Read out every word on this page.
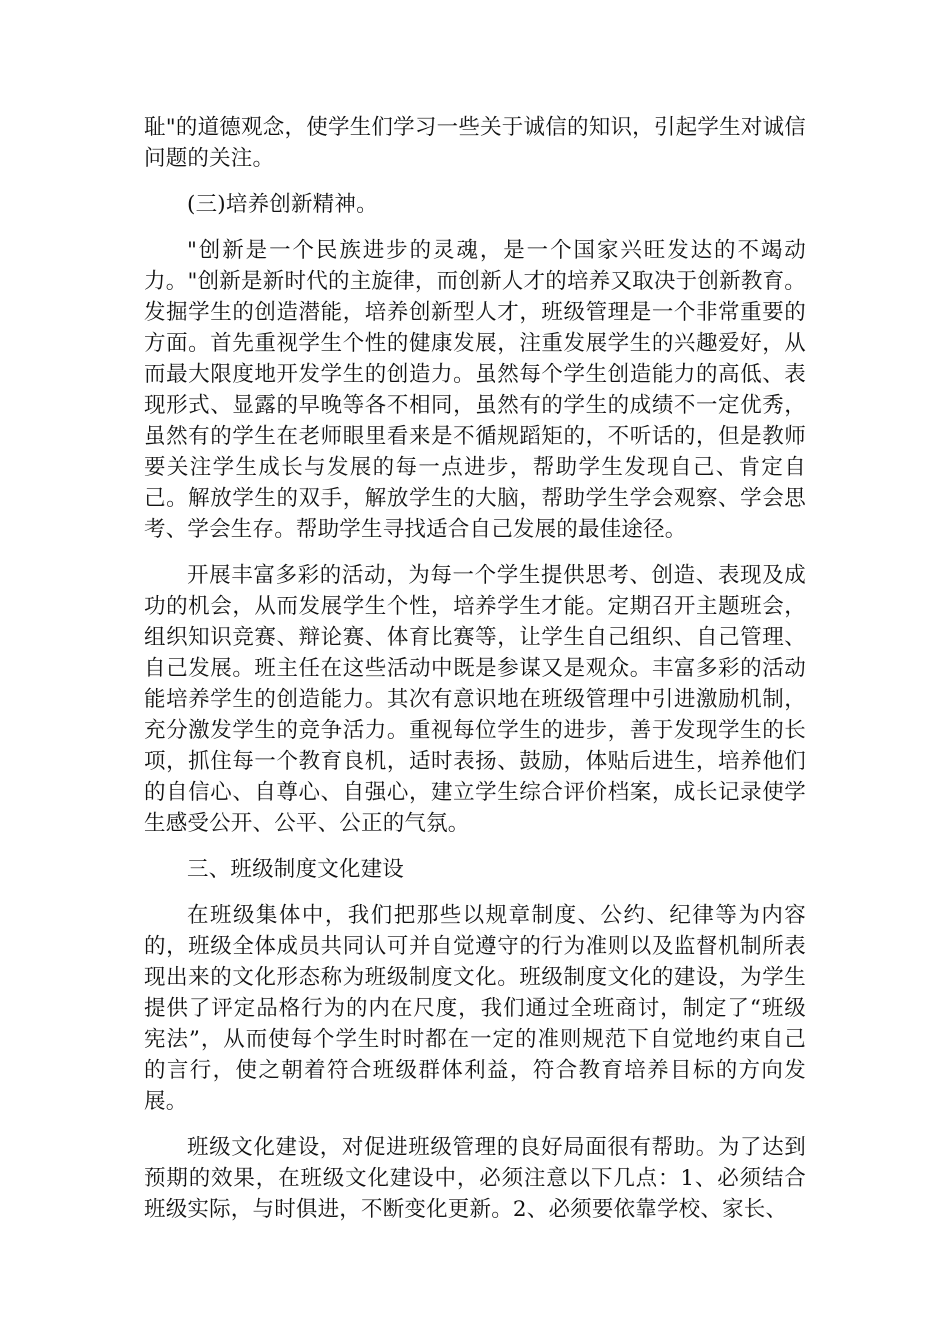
耻"的道德观念，使学生们学习一些关于诚信的知识，引起学生对诚信问题的关注。

(三)培养创新精神。

"创新是一个民族进步的灵魂，是一个国家兴旺发达的不竭动力。"创新是新时代的主旋律，而创新人才的培养又取决于创新教育。发掘学生的创造潜能，培养创新型人才，班级管理是一个非常重要的方面。首先重视学生个性的健康发展，注重发展学生的兴趣爱好，从而最大限度地开发学生的创造力。虽然每个学生创造能力的高低、表现形式、显露的早晚等各不相同，虽然有的学生的成绩不一定优秀，虽然有的学生在老师眼里看来是不循规蹈矩的，不听话的，但是教师要关注学生成长与发展的每一点进步，帮助学生发现自己、肯定自己。解放学生的双手，解放学生的大脑，帮助学生学会观察、学会思考、学会生存。帮助学生寻找适合自己发展的最佳途径。

开展丰富多彩的活动，为每一个学生提供思考、创造、表现及成功的机会，从而发展学生个性，培养学生才能。定期召开主题班会，组织知识竞赛、辩论赛、体育比赛等，让学生自己组织、自己管理、自己发展。班主任在这些活动中既是参谋又是观众。丰富多彩的活动能培养学生的创造能力。其次有意识地在班级管理中引进激励机制，充分激发学生的竞争活力。重视每位学生的进步，善于发现学生的长项，抓住每一个教育良机，适时表扬、鼓励，体贴后进生，培养他们的自信心、自尊心、自强心，建立学生综合评价档案，成长记录使学生感受公开、公平、公正的气氛。

三、班级制度文化建设

在班级集体中，我们把那些以规章制度、公约、纪律等为内容的，班级全体成员共同认可并自觉遵守的行为准则以及监督机制所表现出来的文化形态称为班级制度文化。班级制度文化的建设，为学生提供了评定品格行为的内在尺度，我们通过全班商讨，制定了“班级宪法”，从而使每个学生时时都在一定的准则规范下自觉地约束自己的言行，使之朝着符合班级群体利益，符合教育培养目标的方向发展。

班级文化建设，对促进班级管理的良好局面很有帮助。为了达到预期的效果，在班级文化建设中，必须注意以下几点：1、必须结合班级实际，与时俱进，不断变化更新。2、必须要依靠学校、家长、
